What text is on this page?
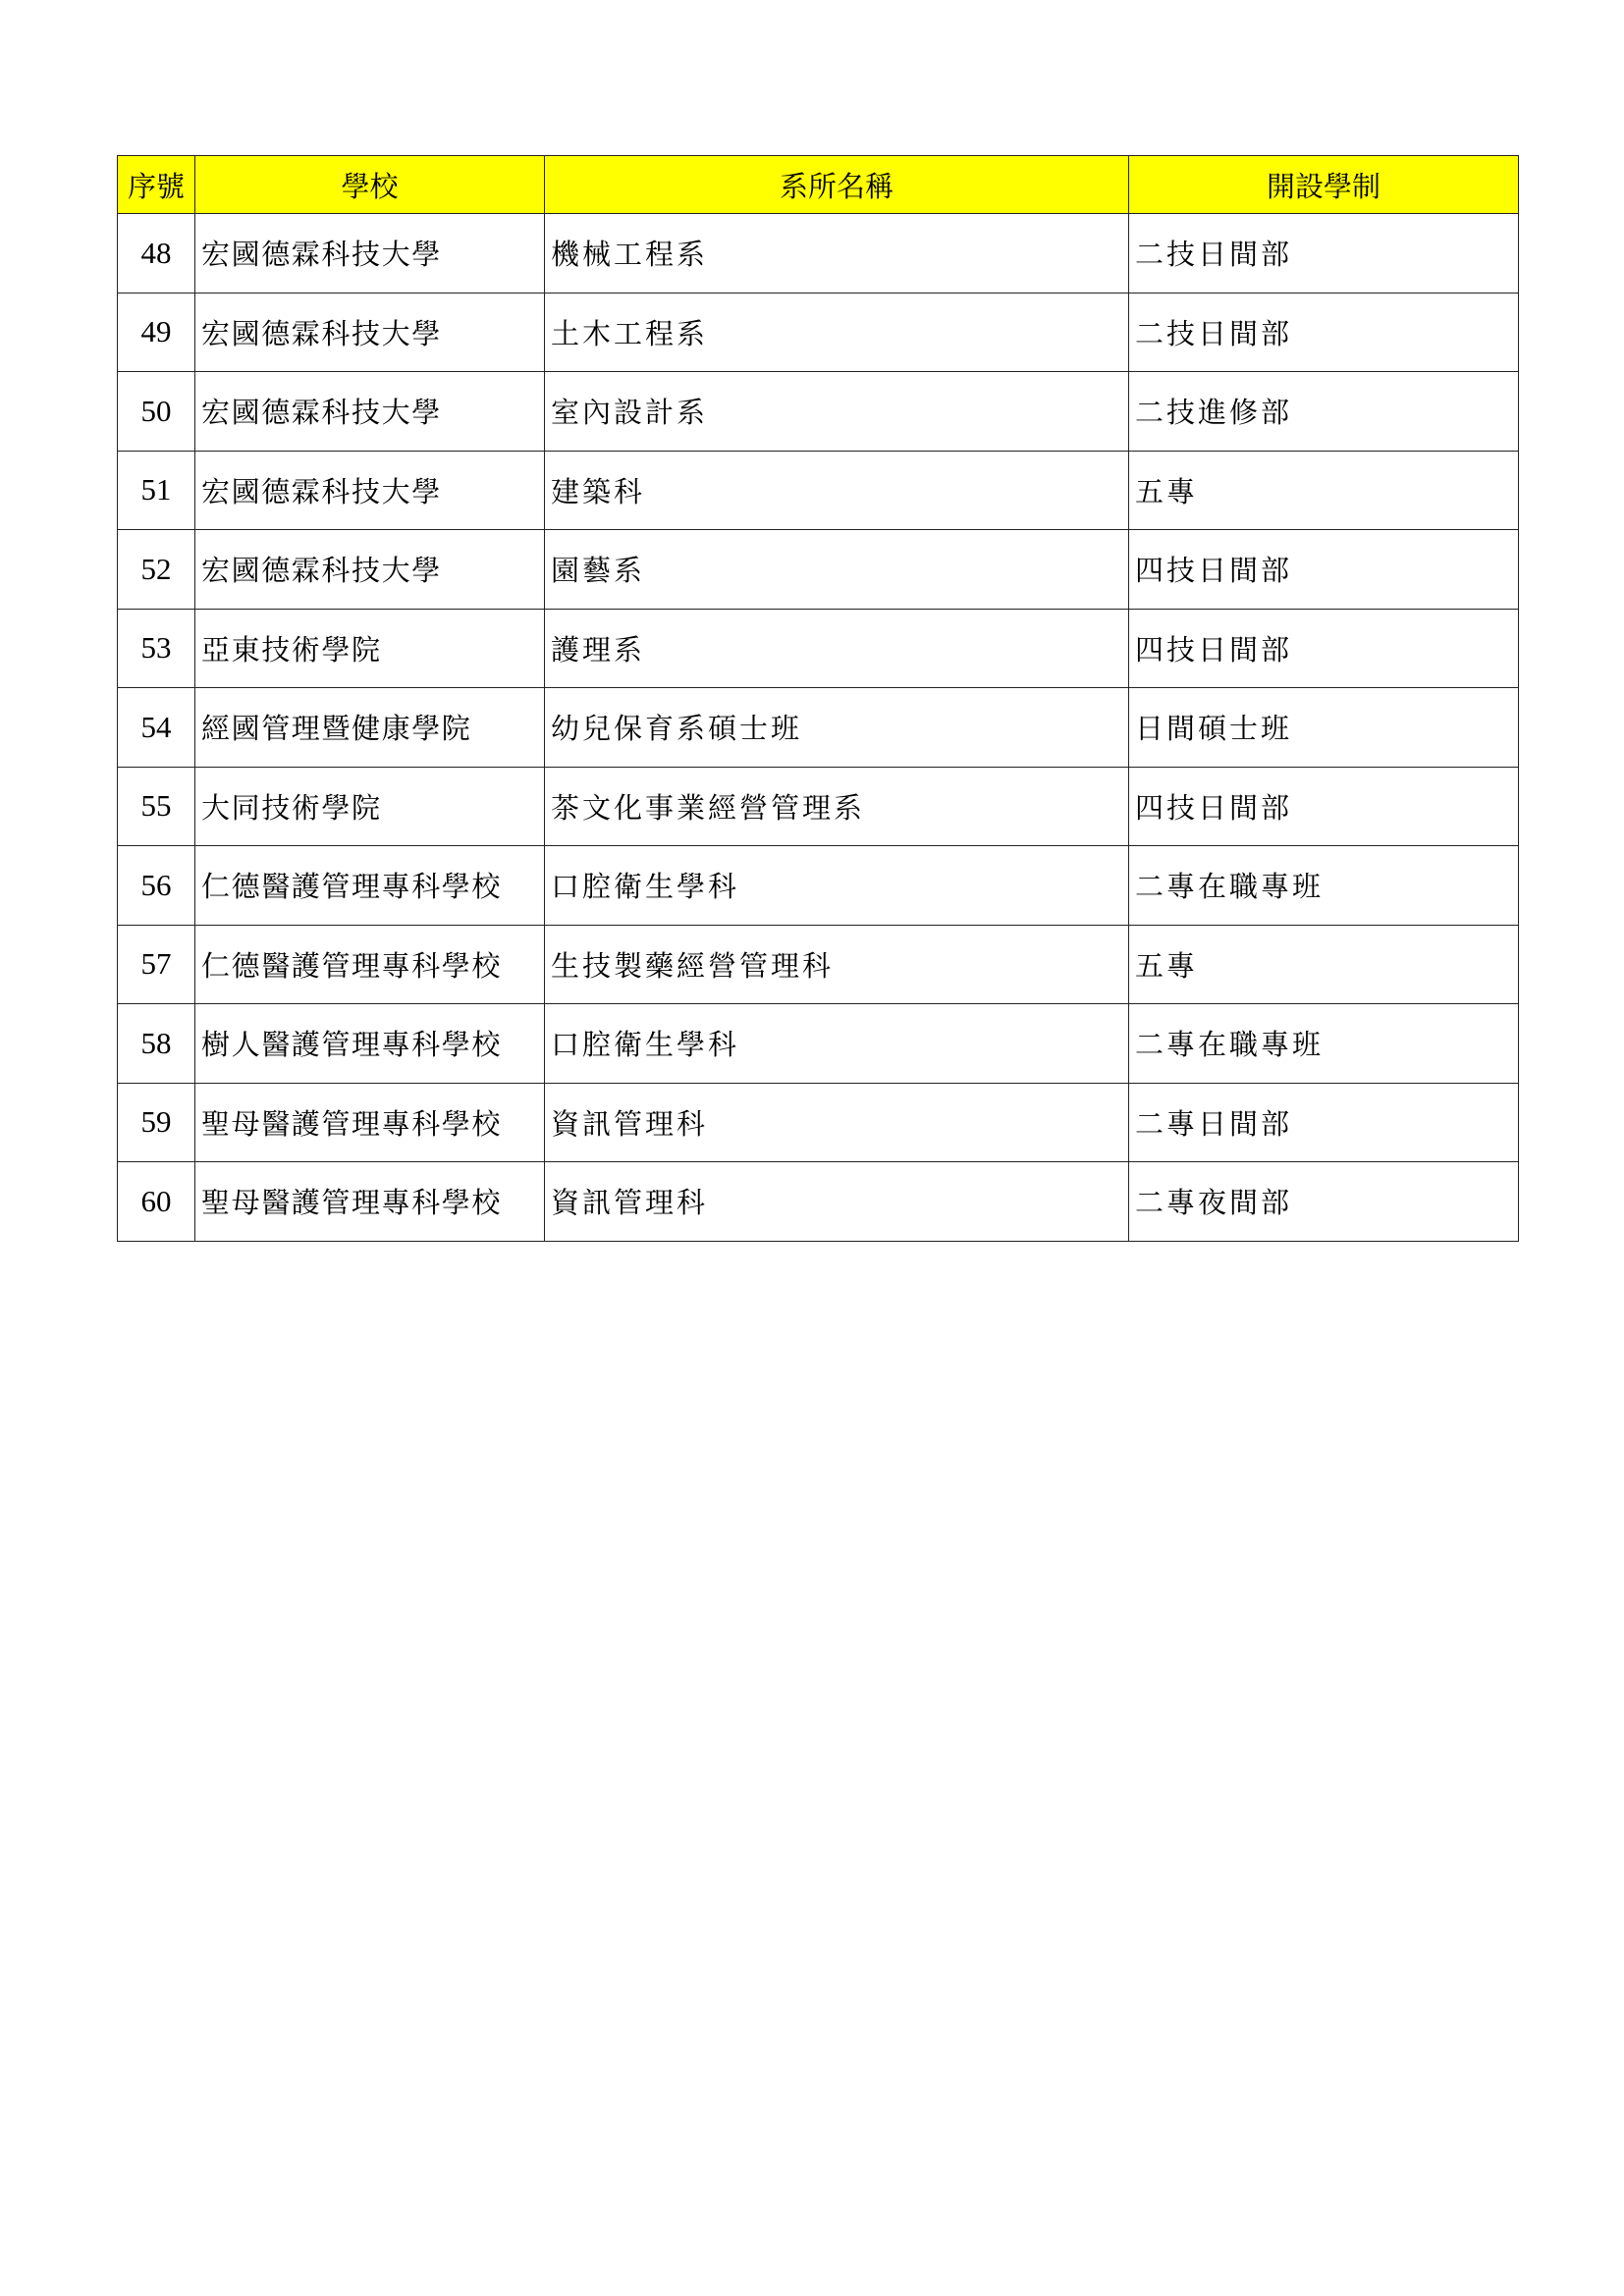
序號	學校	系所名稱	開設學制
48	宏國德霖科技大學	機械工程系	二技日間部
49	宏國德霖科技大學	土木工程系	二技日間部
50	宏國德霖科技大學	室內設計系	二技進修部
51	宏國德霖科技大學	建築科	五專
52	宏國德霖科技大學	園藝系	四技日間部
53	亞東技術學院	護理系	四技日間部
54	經國管理暨健康學院	幼兒保育系碩士班	日間碩士班
55	大同技術學院	茶文化事業經營管理系	四技日間部
56	仁德醫護管理專科學校	口腔衛生學科	二專在職專班
57	仁德醫護管理專科學校	生技製藥經營管理科	五專
58	樹人醫護管理專科學校	口腔衛生學科	二專在職專班
59	聖母醫護管理專科學校	資訊管理科	二專日間部
60	聖母醫護管理專科學校	資訊管理科	二專夜間部
